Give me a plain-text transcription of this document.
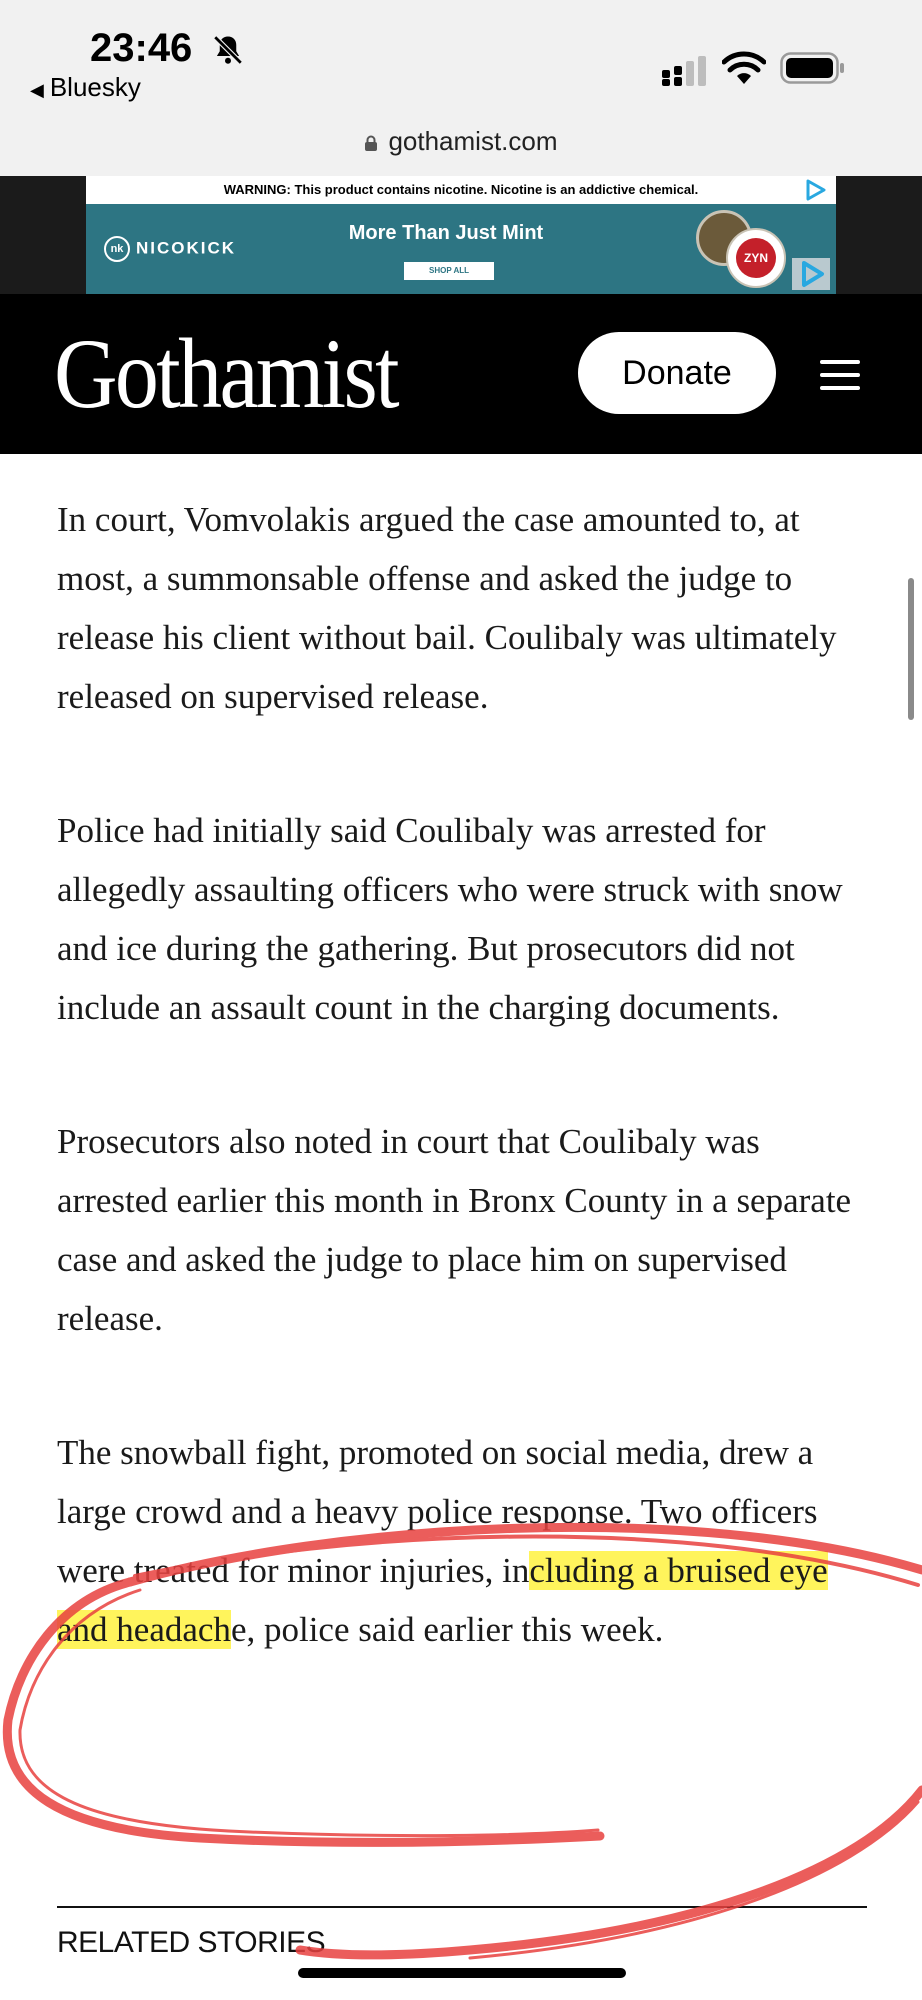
23:46
◀ Bluesky
gothamist.com
WARNING: This product contains nicotine. Nicotine is an addictive chemical.
nk NICOKICK
More Than Just Mint
SHOP ALL
ZYN
Gothamist	Donate

In court, Vomvolakis argued the case amounted to, at most, a summonsable offense and asked the judge to release his client without bail. Coulibaly was ultimately released on supervised release.

Police had initially said Coulibaly was arrested for allegedly assaulting officers who were struck with snow and ice during the gathering. But prosecutors did not include an assault count in the charging documents.

Prosecutors also noted in court that Coulibaly was arrested earlier this month in Bronx County in a separate case and asked the judge to place him on supervised release.

The snowball fight, promoted on social media, drew a large crowd and a heavy police response. Two officers were treated for minor injuries, including a bruised eye and headache, police said earlier this week.

RELATED STORIES
